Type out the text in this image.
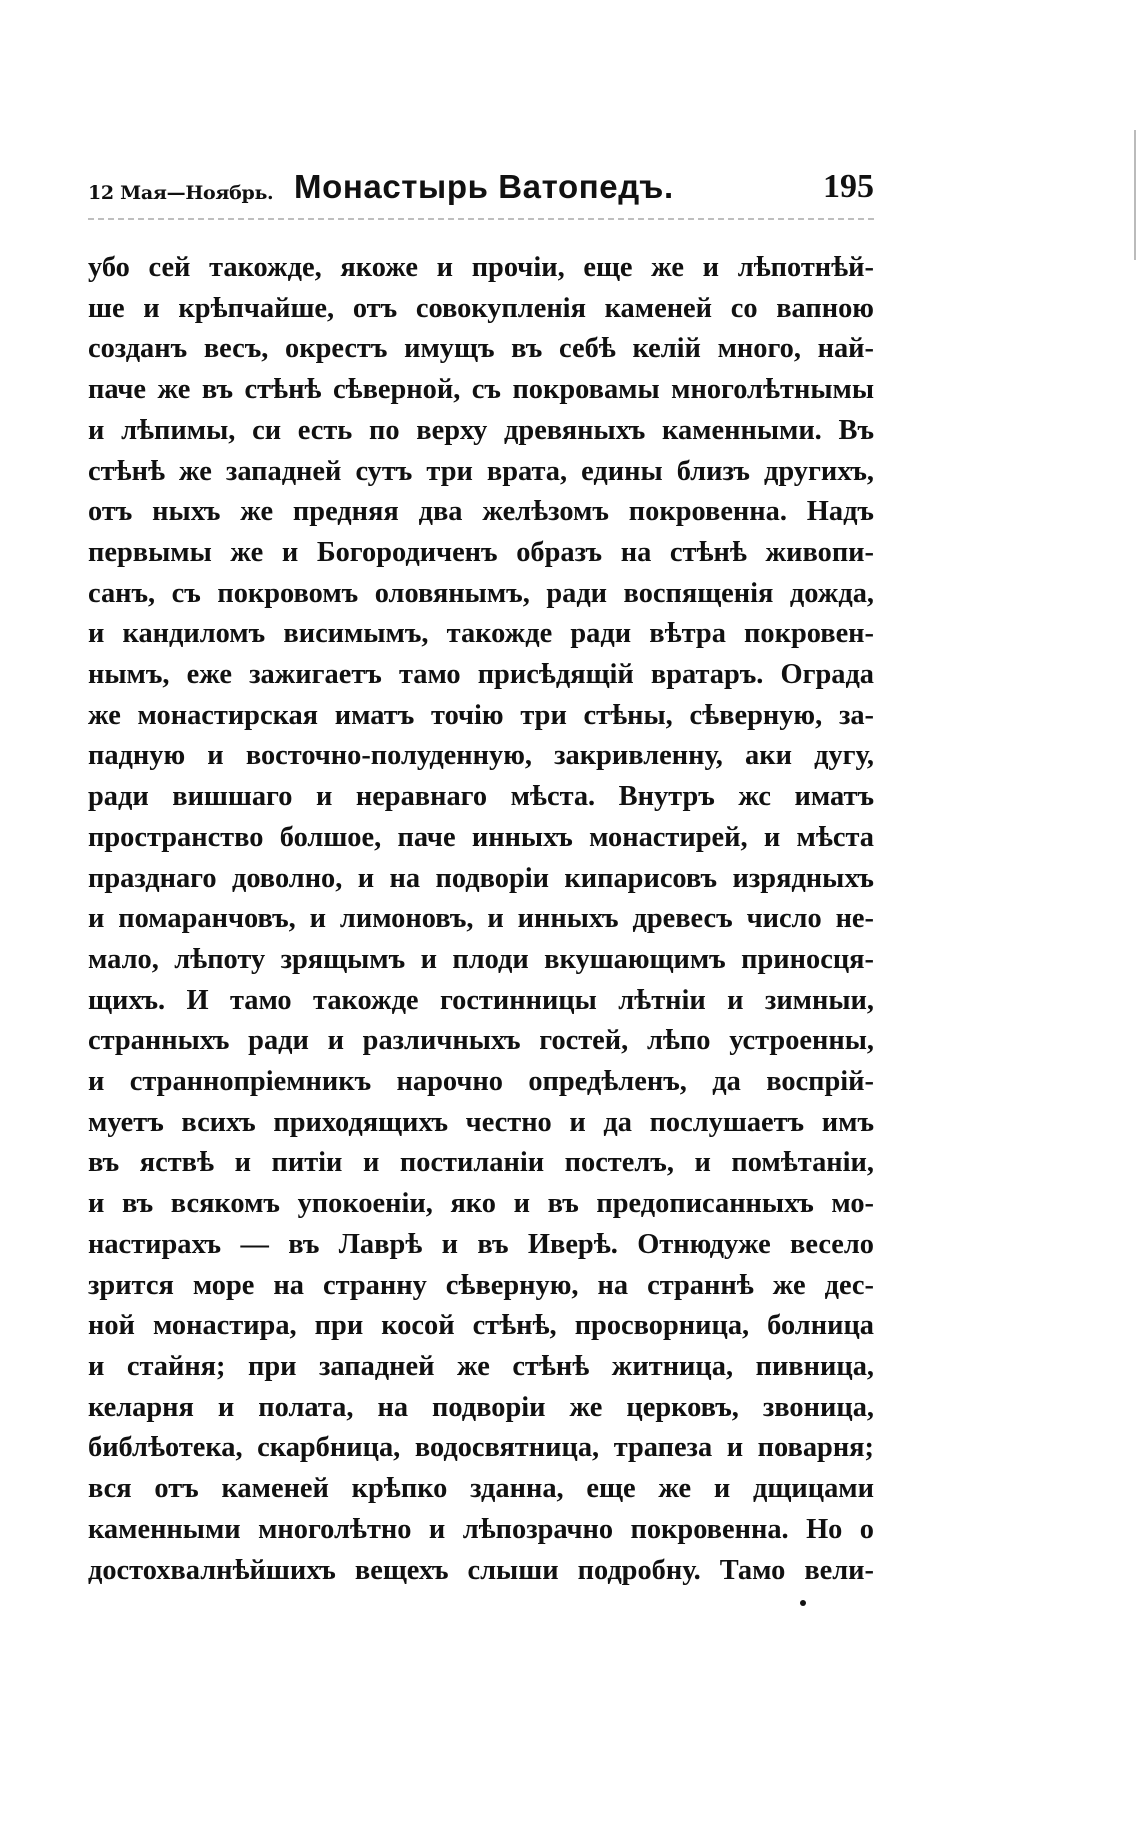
12 Мая—Ноябрь. Монастырь Ватопедъ.	195
убо сей такожде, якоже и прочіи, еще же и лѣпотнѣй-
ше и крѣпчайше, отъ совокупленія каменей со вапною
созданъ весъ, окрестъ имущъ въ себѣ келій много, най-
паче же въ стѣнѣ сѣверной, съ покровамы многолѣтнымы
и лѣпимы, си есть по верху древяныхъ каменными. Въ
стѣнѣ же западней сутъ три врата, едины близъ другихъ,
отъ ныхъ же предняя два желѣзомъ покровенна. Надъ
первымы же и Богородиченъ образъ на стѣнѣ живопи-
санъ, съ покровомъ оловянымъ, ради воспященія дожда,
и кандиломъ висимымъ, такожде ради вѣтра покровен-
нымъ, еже зажигаетъ тамо присѣдящій вратаръ. Ограда
же монастирская иматъ точію три стѣны, сѣверную, за-
падную и восточно-полуденную, закривленну, аки дугу,
ради вишшаго и неравнаго мѣста. Внутръ жс иматъ
пространство болшое, паче инныхъ монастирей, и мѣста
празднаго доволно, и на подворіи кипарисовъ изрядныхъ
и помаранчовъ, и лимоновъ, и инныхъ древесъ число не-
мало, лѣпоту зрящымъ и плоди вкушающимъ приносця-
щихъ. И тамо такожде гостинницы лѣтніи и зимныи,
странныхъ ради и различныхъ гостей, лѣпо устроенны,
и страннопріемникъ нарочно опредѣленъ, да воспрій-
муетъ всихъ приходящихъ честно и да послушаетъ имъ
въ яствѣ и питіи и постиланіи постелъ, и помѣтаніи,
и въ всякомъ упокоеніи, яко и въ предописанныхъ мо-
настирахъ — въ Лаврѣ и въ Иверѣ. Отнюдуже весело
зрится море на странну сѣверную, на страннѣ же дес-
ной монастира, при косой стѣнѣ, просворница, болница
и стайня; при западней же стѣнѣ житница, пивница,
келарня и полата, на подворіи же церковъ, звоница,
библѣотека, скарбница, водосвятница, трапеза и поварня;
вся отъ каменей крѣпко зданна, еще же и дщицами
каменными многолѣтно и лѣпозрачно покровенна. Но о
достохвалнѣйшихъ вещехъ слыши подробну. Тамо вели-
